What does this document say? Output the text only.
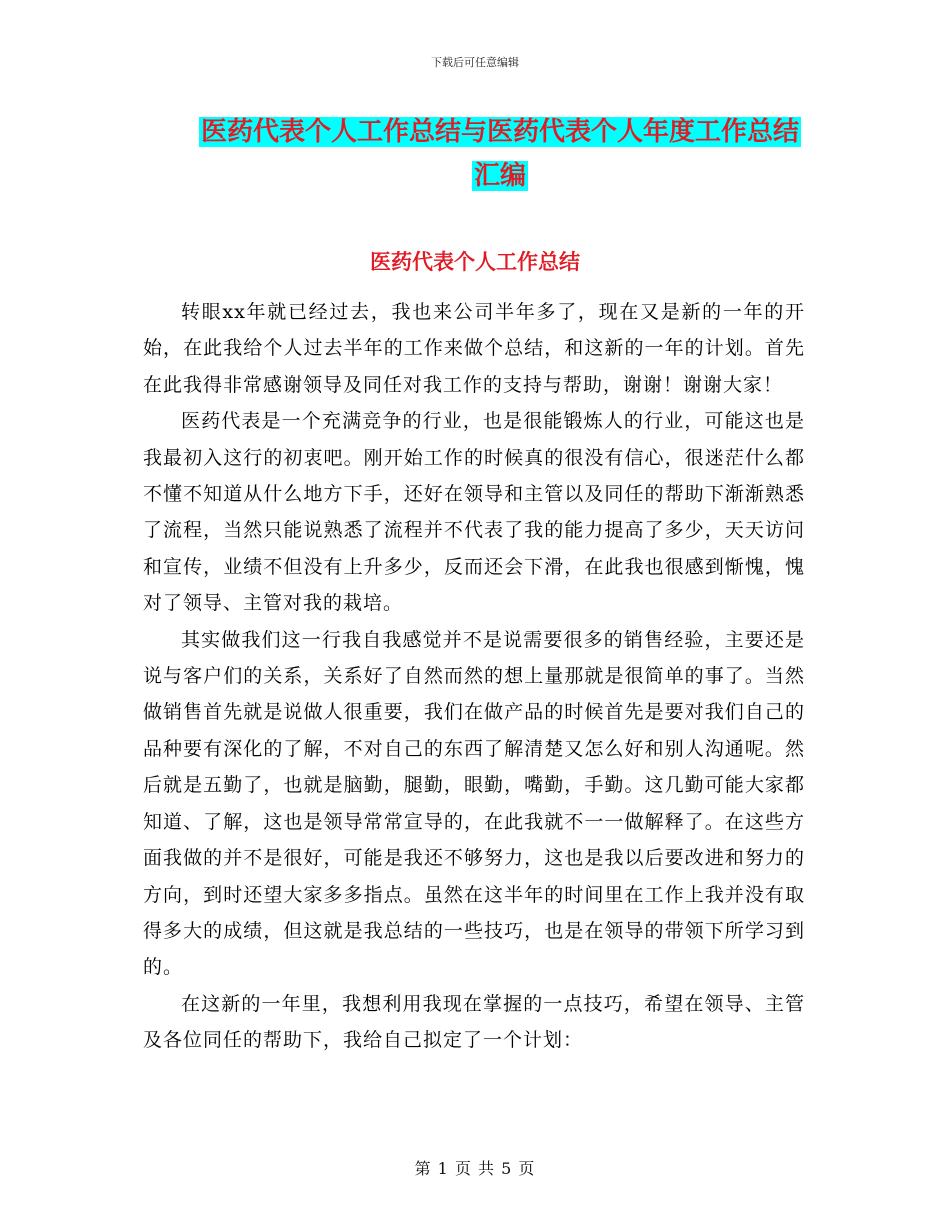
下载后可任意编辑
医药代表个人工作总结与医药代表个人年度工作总结
汇编
医药代表个人工作总结

转眼xx年就已经过去，我也来公司半年多了，现在又是新的一年的开始，在此我给个人过去半年的工作来做个总结，和这新的一年的计划。首先在此我得非常感谢领导及同任对我工作的支持与帮助，谢谢！谢谢大家！

医药代表是一个充满竞争的行业，也是很能锻炼人的行业，可能这也是我最初入这行的初衷吧。刚开始工作的时候真的很没有信心，很迷茫什么都不懂不知道从什么地方下手，还好在领导和主管以及同任的帮助下渐渐熟悉了流程，当然只能说熟悉了流程并不代表了我的能力提高了多少，天天访问和宣传，业绩不但没有上升多少，反而还会下滑，在此我也很感到惭愧，愧对了领导、主管对我的栽培。

其实做我们这一行我自我感觉并不是说需要很多的销售经验，主要还是说与客户们的关系，关系好了自然而然的想上量那就是很简单的事了。当然做销售首先就是说做人很重要，我们在做产品的时候首先是要对我们自己的品种要有深化的了解，不对自己的东西了解清楚又怎么好和别人沟通呢。然后就是五勤了，也就是脑勤，腿勤，眼勤，嘴勤，手勤。这几勤可能大家都知道、了解，这也是领导常常宣导的，在此我就不一一做解释了。在这些方面我做的并不是很好，可能是我还不够努力，这也是我以后要改进和努力的方向，到时还望大家多多指点。虽然在这半年的时间里在工作上我并没有取得多大的成绩，但这就是我总结的一些技巧，也是在领导的带领下所学习到的。

在这新的一年里，我想利用我现在掌握的一点技巧，希望在领导、主管及各位同任的帮助下，我给自己拟定了一个计划：

第 1 页 共 5 页
